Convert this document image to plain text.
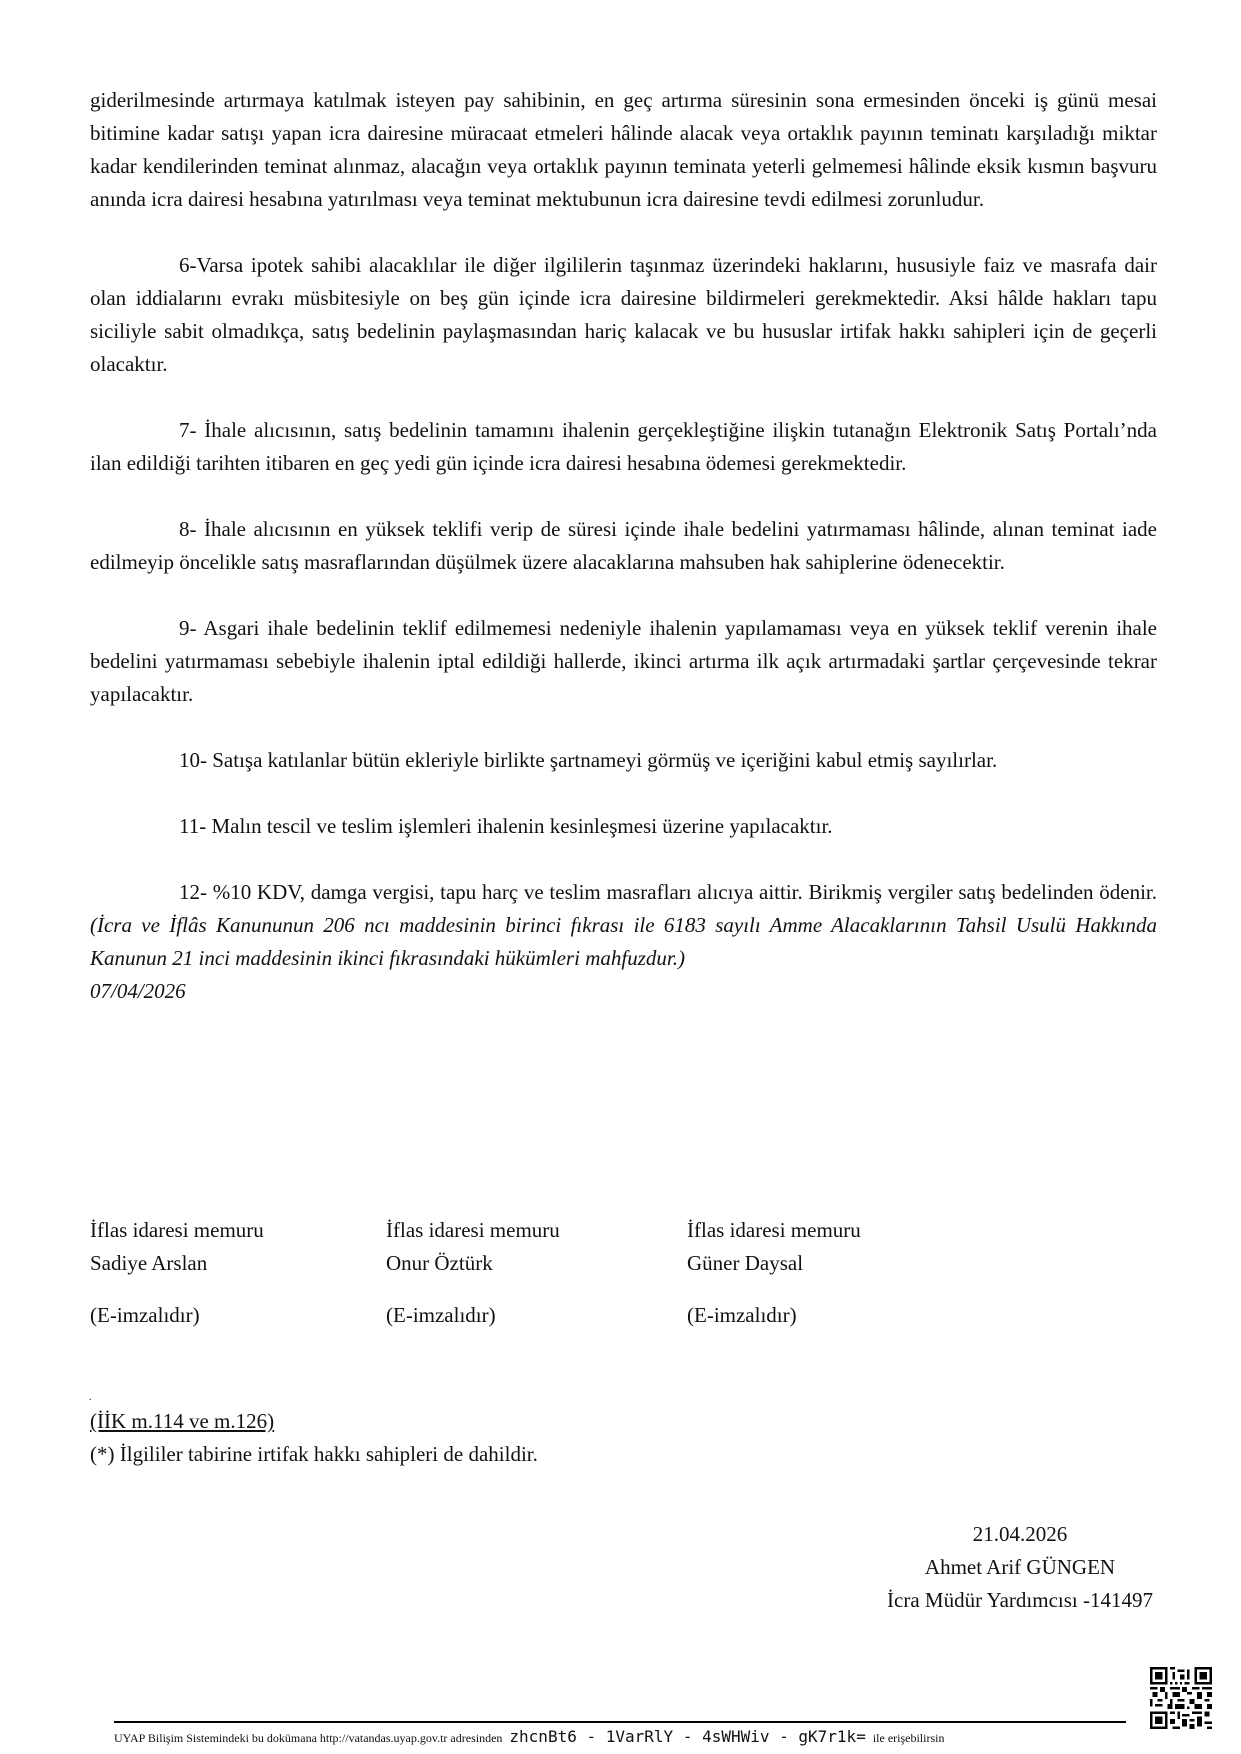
giderilmesinde artırmaya katılmak isteyen pay sahibinin, en geç artırma süresinin sona ermesinden önceki iş günü mesai bitimine kadar satışı yapan icra dairesine müracaat etmeleri hâlinde alacak veya ortaklık payının teminatı karşıladığı miktar kadar kendilerinden teminat alınmaz, alacağın veya ortaklık payının teminata yeterli gelmemesi hâlinde eksik kısmın başvuru anında icra dairesi hesabına yatırılması veya teminat mektubunun icra dairesine tevdi edilmesi zorunludur.

6-Varsa ipotek sahibi alacaklılar ile diğer ilgililerin taşınmaz üzerindeki haklarını, hususiyle faiz ve masrafa dair olan iddialarını evrakı müsbitesiyle on beş gün içinde icra dairesine bildirmeleri gerekmektedir. Aksi hâlde hakları tapu siciliyle sabit olmadıkça, satış bedelinin paylaşmasından hariç kalacak ve bu hususlar irtifak hakkı sahipleri için de geçerli olacaktır.

7- İhale alıcısının, satış bedelinin tamamını ihalenin gerçekleştiğine ilişkin tutanağın Elektronik Satış Portalı’nda ilan edildiği tarihten itibaren en geç yedi gün içinde icra dairesi hesabına ödemesi gerekmektedir.

8- İhale alıcısının en yüksek teklifi verip de süresi içinde ihale bedelini yatırmaması hâlinde, alınan teminat iade edilmeyip öncelikle satış masraflarından düşülmek üzere alacaklarına mahsuben hak sahiplerine ödenecektir.

9- Asgari ihale bedelinin teklif edilmemesi nedeniyle ihalenin yapılamaması veya en yüksek teklif verenin ihale bedelini yatırmaması sebebiyle ihalenin iptal edildiği hallerde, ikinci artırma ilk açık artırmadaki şartlar çerçevesinde tekrar yapılacaktır.

10- Satışa katılanlar bütün ekleriyle birlikte şartnameyi görmüş ve içeriğini kabul etmiş sayılırlar.

11- Malın tescil ve teslim işlemleri ihalenin kesinleşmesi üzerine yapılacaktır.

12- %10 KDV, damga vergisi, tapu harç ve teslim masrafları alıcıya aittir. Birikmiş vergiler satış bedelinden ödenir. (İcra ve İflâs Kanununun 206 ncı maddesinin birinci fıkrası ile 6183 sayılı Amme Alacaklarının Tahsil Usulü Hakkında Kanunun 21 inci maddesinin ikinci fıkrasındaki hükümleri mahfuzdur.)
07/04/2026

İflas idaresi memuru
Sadiye Arslan
(E-imzalıdır)
İflas idaresi memuru
Onur Öztürk
(E-imzalıdır)
İflas idaresi memuru
Güner Daysal
(E-imzalıdır)
.
(İİK m.114 ve m.126)
(*) İlgililer tabirine irtifak hakkı sahipleri de dahildir.
21.04.2026
Ahmet Arif GÜNGEN
İcra Müdür Yardımcısı -141497
UYAP Bilişim Sistemindeki bu dokümana http://vatandas.uyap.gov.tr adresinden zhcnBt6 - 1VarRlY - 4sWHWiv - gK7r1k= ile erişebilirsin
